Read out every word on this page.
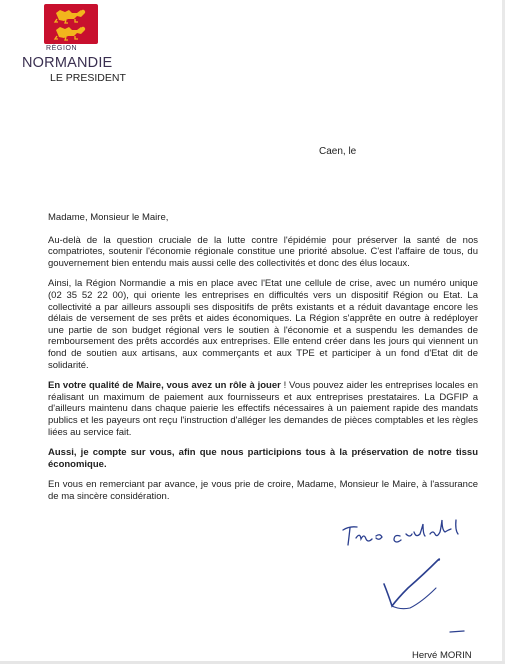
RÉGION
NORMANDIE
LE PRESIDENT
Caen, le

Madame, Monsieur le Maire,

Au-delà de la question cruciale de la lutte contre l'épidémie pour préserver la santé de nos compatriotes, soutenir l'économie régionale constitue une priorité absolue. C'est l'affaire de tous, du gouvernement bien entendu mais aussi celle des collectivités et donc des élus locaux.

Ainsi, la Région Normandie a mis en place avec l'Etat une cellule de crise, avec un numéro unique (02 35 52 22 00), qui oriente les entreprises en difficultés vers un dispositif Région ou Etat. La collectivité a par ailleurs assoupli ses dispositifs de prêts existants et a réduit davantage encore les délais de versement de ses prêts et aides économiques. La Région s'apprête en outre à redéployer une partie de son budget régional vers le soutien à l'économie et a suspendu les demandes de remboursement des prêts accordés aux entreprises. Elle entend créer dans les jours qui viennent un fond de soutien aux artisans, aux commerçants et aux TPE et participer à un fond d'Etat dit de solidarité.

En votre qualité de Maire, vous avez un rôle à jouer ! Vous pouvez aider les entreprises locales en réalisant un maximum de paiement aux fournisseurs et aux entreprises prestataires. La DGFIP a d'ailleurs maintenu dans chaque paierie les effectifs nécessaires à un paiement rapide des mandats publics et les payeurs ont reçu l'instruction d'alléger les demandes de pièces comptables et les règles liées au service fait.

Aussi, je compte sur vous, afin que nous participions tous à la préservation de notre tissu économique.

En vous en remerciant par avance, je vous prie de croire, Madame, Monsieur le Maire, à l'assurance de ma sincère considération.

Hervé MORIN
